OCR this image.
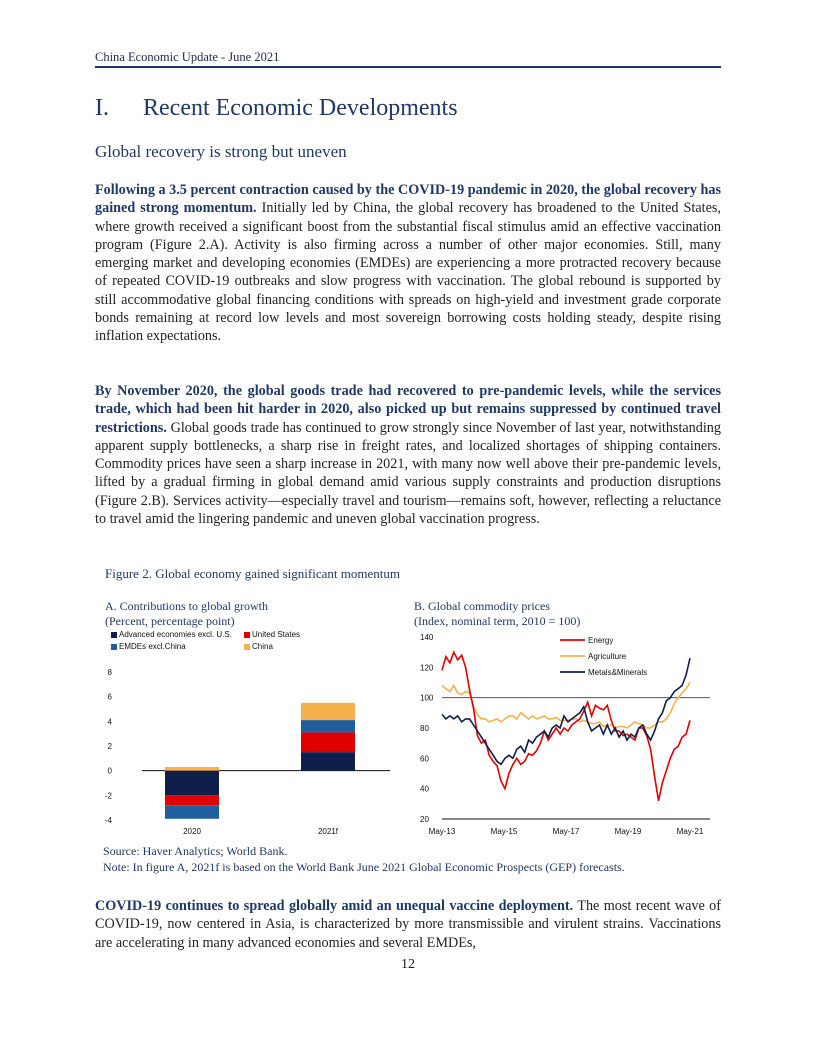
China Economic Update - June 2021
I. Recent Economic Developments
Global recovery is strong but uneven

Following a 3.5 percent contraction caused by the COVID-19 pandemic in 2020, the global recovery has gained strong momentum. Initially led by China, the global recovery has broadened to the United States, where growth received a significant boost from the substantial fiscal stimulus amid an effective vaccination program (Figure 2.A). Activity is also firming across a number of other major economies. Still, many emerging market and developing economies (EMDEs) are experiencing a more protracted recovery because of repeated COVID-19 outbreaks and slow progress with vaccination. The global rebound is supported by still accommodative global financing conditions with spreads on high-yield and investment grade corporate bonds remaining at record low levels and most sovereign borrowing costs holding steady, despite rising inflation expectations.

By November 2020, the global goods trade had recovered to pre-pandemic levels, while the services trade, which had been hit harder in 2020, also picked up but remains suppressed by continued travel restrictions. Global goods trade has continued to grow strongly since November of last year, notwithstanding apparent supply bottlenecks, a sharp rise in freight rates, and localized shortages of shipping containers. Commodity prices have seen a sharp increase in 2021, with many now well above their pre-pandemic levels, lifted by a gradual firming in global demand amid various supply constraints and production disruptions (Figure 2.B). Services activity—especially travel and tourism—remains soft, however, reflecting a reluctance to travel amid the lingering pandemic and uneven global vaccination progress.

Figure 2. Global economy gained significant momentum

A. Contributions to global growth
(Percent, percentage point)
Advanced economies excl. U.S.	United States
EMDEs excl.China	China
-4
-2
0
2
4
6
8
2020	2021f
B. Global commodity prices
(Index, nominal term, 2010 = 100)
20
40
60
80
100
120
140
May-13	May-15	May-17	May-19	May-21
Energy
Agriculture
Metals&Minerals
Source: Haver Analytics; World Bank.
Note: In figure A, 2021f is based on the World Bank June 2021 Global Economic Prospects (GEP) forecasts.

COVID-19 continues to spread globally amid an unequal vaccine deployment. The most recent wave of COVID-19, now centered in Asia, is characterized by more transmissible and virulent strains. Vaccinations are accelerating in many advanced economies and several EMDEs,

12
